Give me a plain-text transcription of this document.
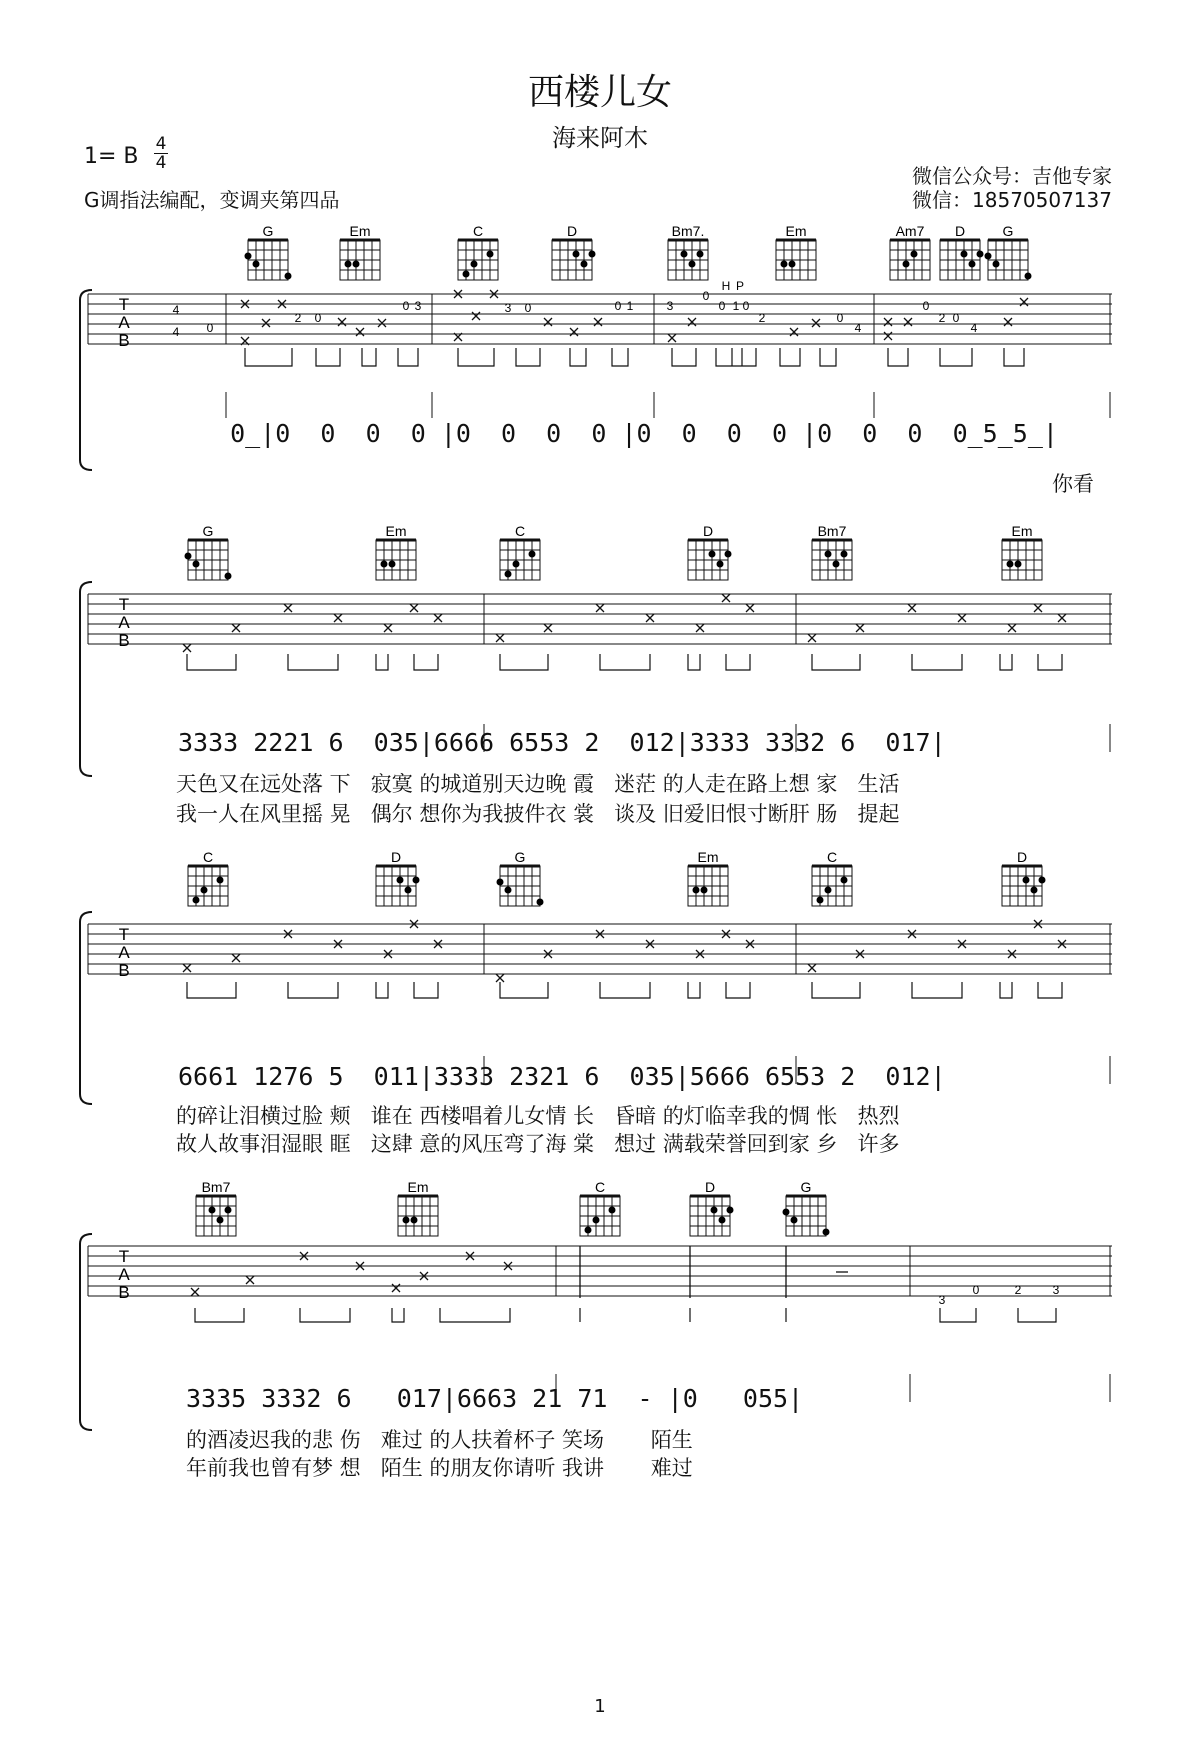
西楼儿女
海来阿木
1= B 4
4
G调指法编配，变调夹第四品
微信公众号：吉他专家
微信：18570507137
G	Em	C	D	Bm7.	Em	Am7 D	G
T
A
B
4
4 0
2 0
0 3	3 0	0 1	3
0
0 1 0
2	0
4
0
2 0
4
H P

0̲|0  0  0  0 |0  0  0  0 |0  0  0  0 |0  0  0  0̲5̲5̲|

你看
G	Em	C	D	Bm7	Em
T
A
B
3333 2221 6  035|6666 6553 2  012|3333 3332 6  017|
天色又在远处落 下   寂寞 的城道别天边晚 霞   迷茫 的人走在路上想 家   生活
我一人在风里摇 晃   偶尔 想你为我披件衣 裳   谈及 旧爱旧恨寸断肝 肠   提起
C	D	G	Em	C	D
T
A
B
6661 1276 5  011|3333 2321 6  035|5666 6553 2  012|
的碎让泪横过脸 颊   谁在 西楼唱着儿女情 长   昏暗 的灯临幸我的惆 怅   热烈
故人故事泪湿眼 眶   这肆 意的风压弯了海 棠   想过 满载荣誉回到家 乡   许多
Bm7	Em	C	D	G
T
A
B	3
0	2	3
3335 3332 6   017|6663 21 71  - |0   055|
的酒凌迟我的悲 伤   难过 的人扶着杯子 笑场       陌生
年前我也曾有梦 想   陌生 的朋友你请听 我讲       难过
1
